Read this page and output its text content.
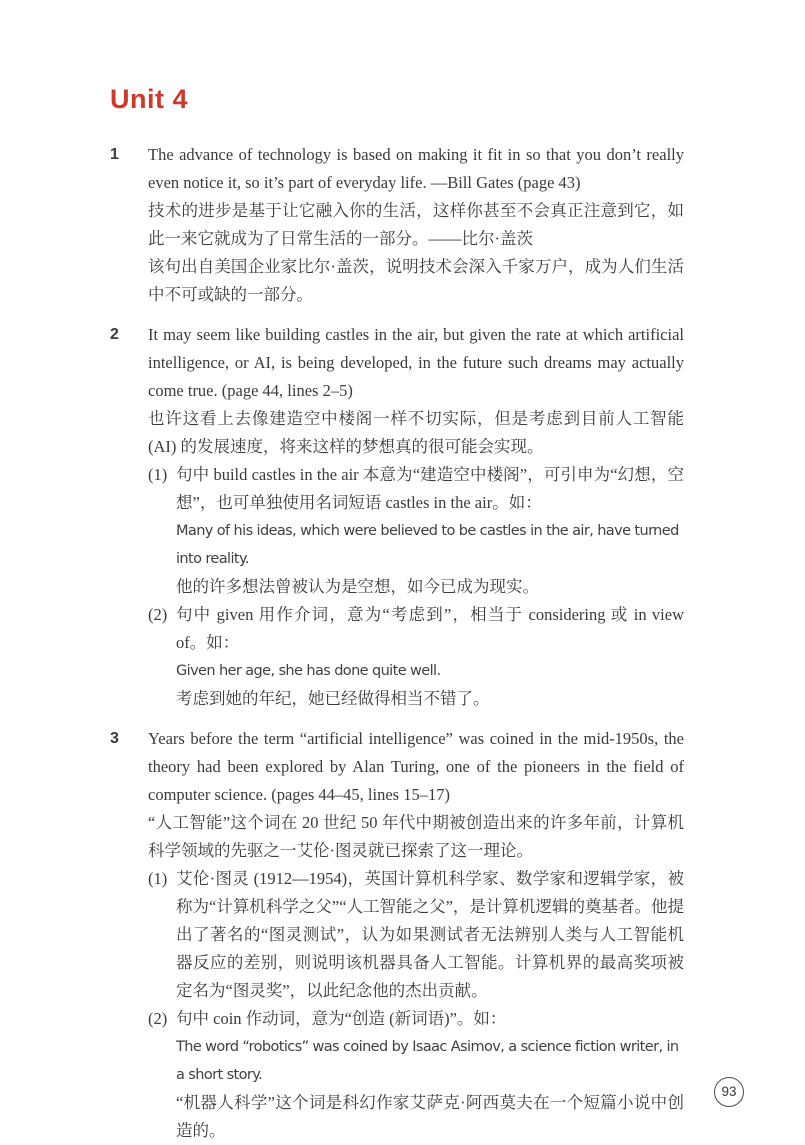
Unit 4
1	The advance of technology is based on making it fit in so that you don’t really even notice it, so it’s part of everyday life. —Bill Gates (page 43)

技术的进步是基于让它融入你的生活，这样你甚至不会真正注意到它，如此一来它就成为了日常生活的一部分。——比尔·盖茨

该句出自美国企业家比尔·盖茨，说明技术会深入千家万户，成为人们生活中不可或缺的一部分。

2	It may seem like building castles in the air, but given the rate at which artificial intelligence, or AI, is being developed, in the future such dreams may actually come true. (page 44, lines 2–5)

也许这看上去像建造空中楼阁一样不切实际，但是考虑到目前人工智能 (AI) 的发展速度，将来这样的梦想真的很可能会实现。

(1) 句中 build castles in the air 本意为“建造空中楼阁”，可引申为“幻想，空想”，也可单独使用名词短语 castles in the air。如：

Many of his ideas, which were believed to be castles in the air, have turned into reality.

他的许多想法曾被认为是空想，如今已成为现实。

(2) 句中 given 用作介词，意为“考虑到”，相当于 considering 或 in view of。如：

Given her age, she has done quite well.

考虑到她的年纪，她已经做得相当不错了。

3	Years before the term “artificial intelligence” was coined in the mid-1950s, the theory had been explored by Alan Turing, one of the pioneers in the field of computer science. (pages 44–45, lines 15–17)

“人工智能”这个词在 20 世纪 50 年代中期被创造出来的许多年前，计算机科学领域的先驱之一艾伦·图灵就已探索了这一理论。

(1) 艾伦·图灵 (1912—1954)，英国计算机科学家、数学家和逻辑学家，被称为“计算机科学之父”“人工智能之父”，是计算机逻辑的奠基者。他提出了著名的“图灵测试”，认为如果测试者无法辨别人类与人工智能机器反应的差别，则说明该机器具备人工智能。计算机界的最高奖项被定名为“图灵奖”，以此纪念他的杰出贡献。

(2) 句中 coin 作动词，意为“创造 (新词语)”。如：

The word “robotics” was coined by Isaac Asimov, a science fiction writer, in a short story.

“机器人科学”这个词是科幻作家艾萨克·阿西莫夫在一个短篇小说中创造的。

93
